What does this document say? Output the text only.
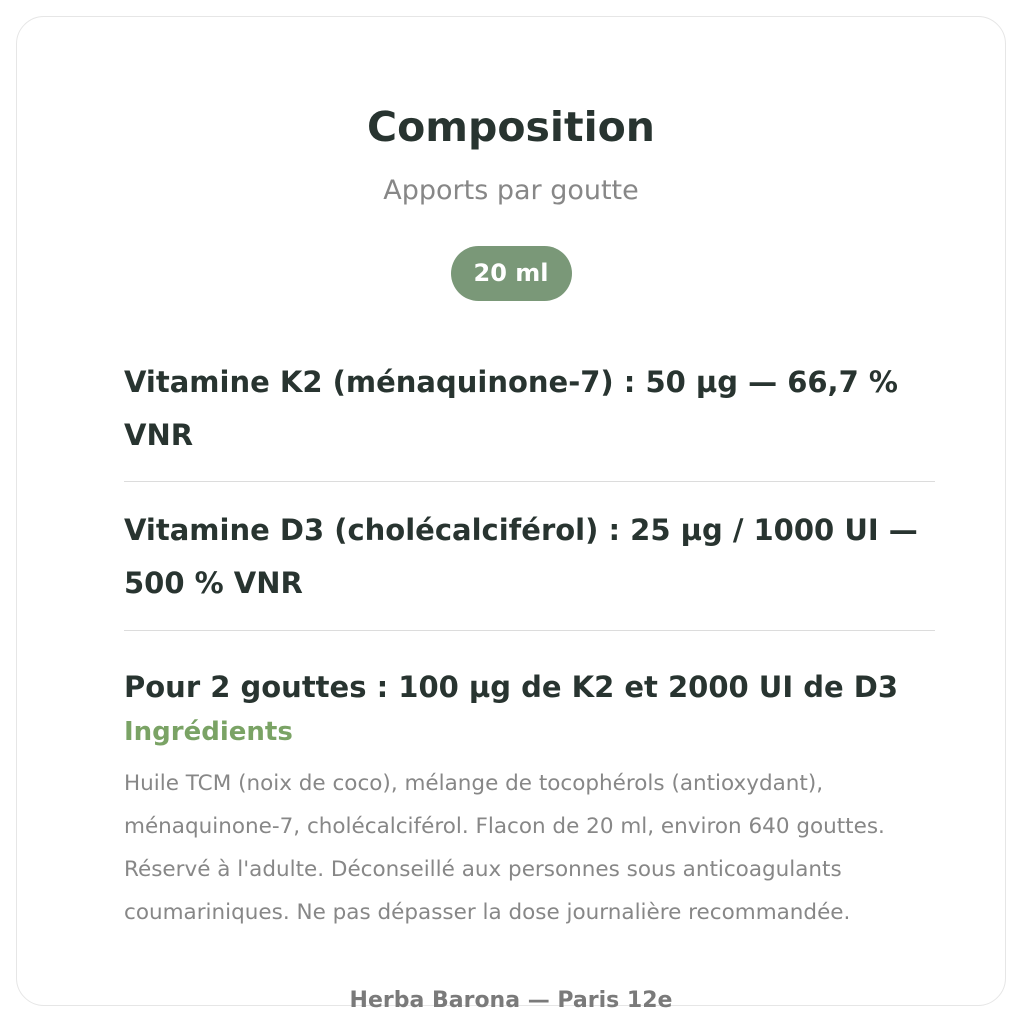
Composition
Apports par goutte
20 ml
Vitamine K2 (ménaquinone-7) : 50 µg — 66,7 % VNR
Vitamine D3 (cholécalciférol) : 25 µg / 1000 UI — 500 % VNR
Pour 2 gouttes : 100 µg de K2 et 2000 UI de D3
Ingrédients
Huile TCM (noix de coco), mélange de tocophérols (antioxydant), ménaquinone-7, cholécalciférol. Flacon de 20 ml, environ 640 gouttes. Réservé à l'adulte. Déconseillé aux personnes sous anticoagulants coumariniques. Ne pas dépasser la dose journalière recommandée.
Herba Barona — Paris 12e
